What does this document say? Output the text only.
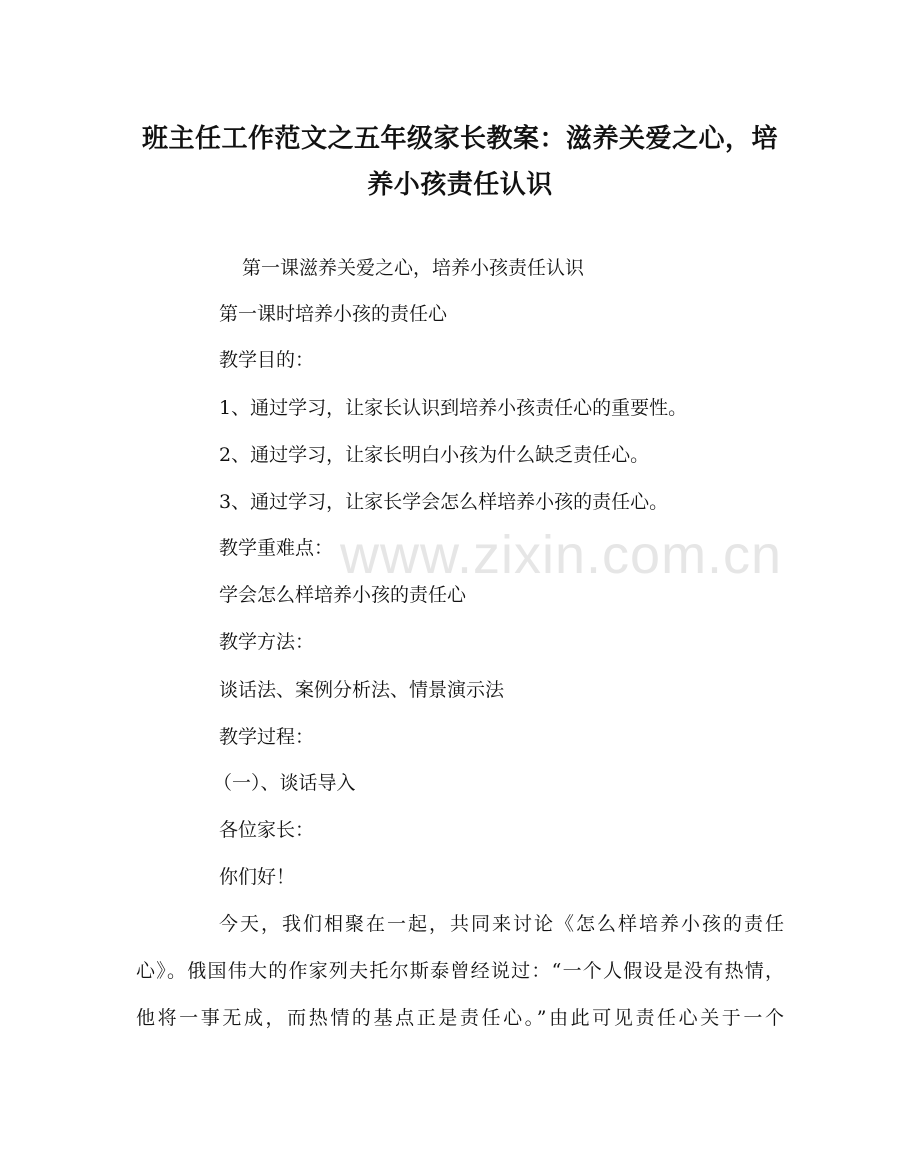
www.zixin.com.cn
班主任工作范文之五年级家长教案：滋养关爱之心，培
养小孩责任认识
第一课滋养关爱之心，培养小孩责任认识
第一课时培养小孩的责任心
教学目的：
1、通过学习，让家长认识到培养小孩责任心的重要性。
2、通过学习，让家长明白小孩为什么缺乏责任心。
3、通过学习，让家长学会怎么样培养小孩的责任心。
教学重难点：
学会怎么样培养小孩的责任心
教学方法：
谈话法、案例分析法、情景演示法
教学过程：
（一）、谈话导入
各位家长：
你们好！
今天，我们相聚在一起，共同来讨论《怎么样培养小孩的责任
心》。俄国伟大的作家列夫托尔斯泰曾经说过：“一个人假设是没有热情，
他将一事无成，而热情的基点正是责任心。”由此可见责任心关于一个
